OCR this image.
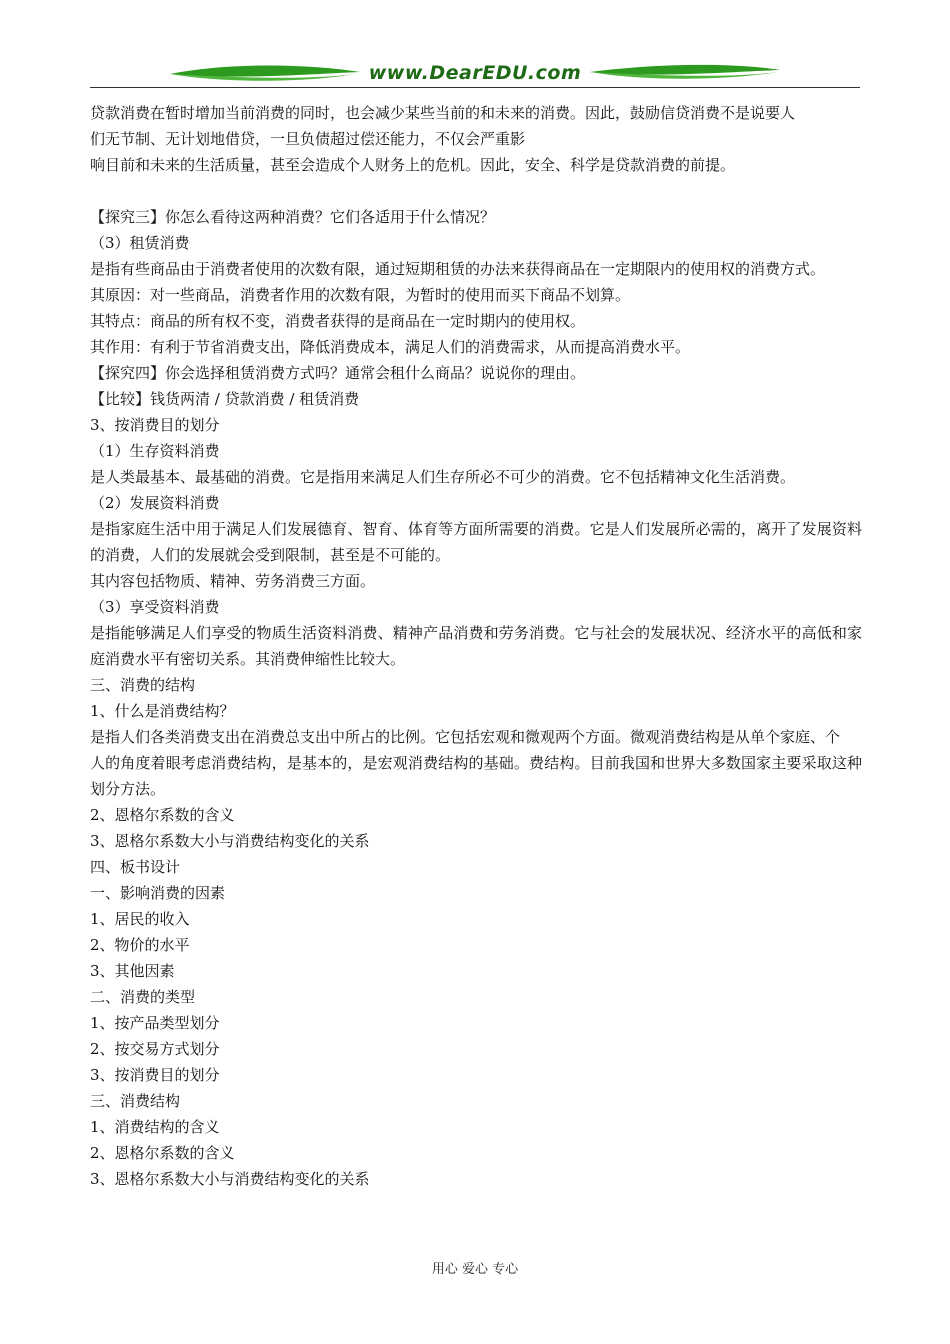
www.DearEDU.com
贷款消费在暂时增加当前消费的同时，也会减少某些当前的和未来的消费。因此，鼓励信贷消费不是说要人
们无节制、无计划地借贷，一旦负债超过偿还能力，不仅会严重影
响目前和未来的生活质量，甚至会造成个人财务上的危机。因此，安全、科学是贷款消费的前提。
【探究三】你怎么看待这两种消费？它们各适用于什么情况？
（3）租赁消费
是指有些商品由于消费者使用的次数有限，通过短期租赁的办法来获得商品在一定期限内的使用权的消费方式。
其原因：对一些商品，消费者作用的次数有限，为暂时的使用而买下商品不划算。
其特点：商品的所有权不变，消费者获得的是商品在一定时期内的使用权。
其作用：有利于节省消费支出，降低消费成本，满足人们的消费需求，从而提高消费水平。
【探究四】你会选择租赁消费方式吗？通常会租什么商品？说说你的理由。
【比较】钱货两清 / 贷款消费 / 租赁消费
3、按消费目的划分
（1）生存资料消费
是人类最基本、最基础的消费。它是指用来满足人们生存所必不可少的消费。它不包括精神文化生活消费。
（2）发展资料消费
是指家庭生活中用于满足人们发展德育、智育、体育等方面所需要的消费。它是人们发展所必需的，离开了发展资料的消费，人们的发展就会受到限制，甚至是不可能的。
其内容包括物质、精神、劳务消费三方面。
（3）享受资料消费
是指能够满足人们享受的物质生活资料消费、精神产品消费和劳务消费。它与社会的发展状况、经济水平的高低和家庭消费水平有密切关系。其消费伸缩性比较大。
三、消费的结构
1、什么是消费结构？
是指人们各类消费支出在消费总支出中所占的比例。它包括宏观和微观两个方面。微观消费结构是从单个家庭、个
人的角度着眼考虑消费结构，是基本的，是宏观消费结构的基础。费结构。目前我国和世界大多数国家主要采取这种划分方法。
2、恩格尔系数的含义
3、恩格尔系数大小与消费结构变化的关系
四、板书设计
一、影响消费的因素
1、居民的收入
2、物价的水平
3、其他因素
二、消费的类型
1、按产品类型划分
2、按交易方式划分
3、按消费目的划分
三、消费结构
1、消费结构的含义
2、恩格尔系数的含义
3、恩格尔系数大小与消费结构变化的关系
用心 爱心 专心
